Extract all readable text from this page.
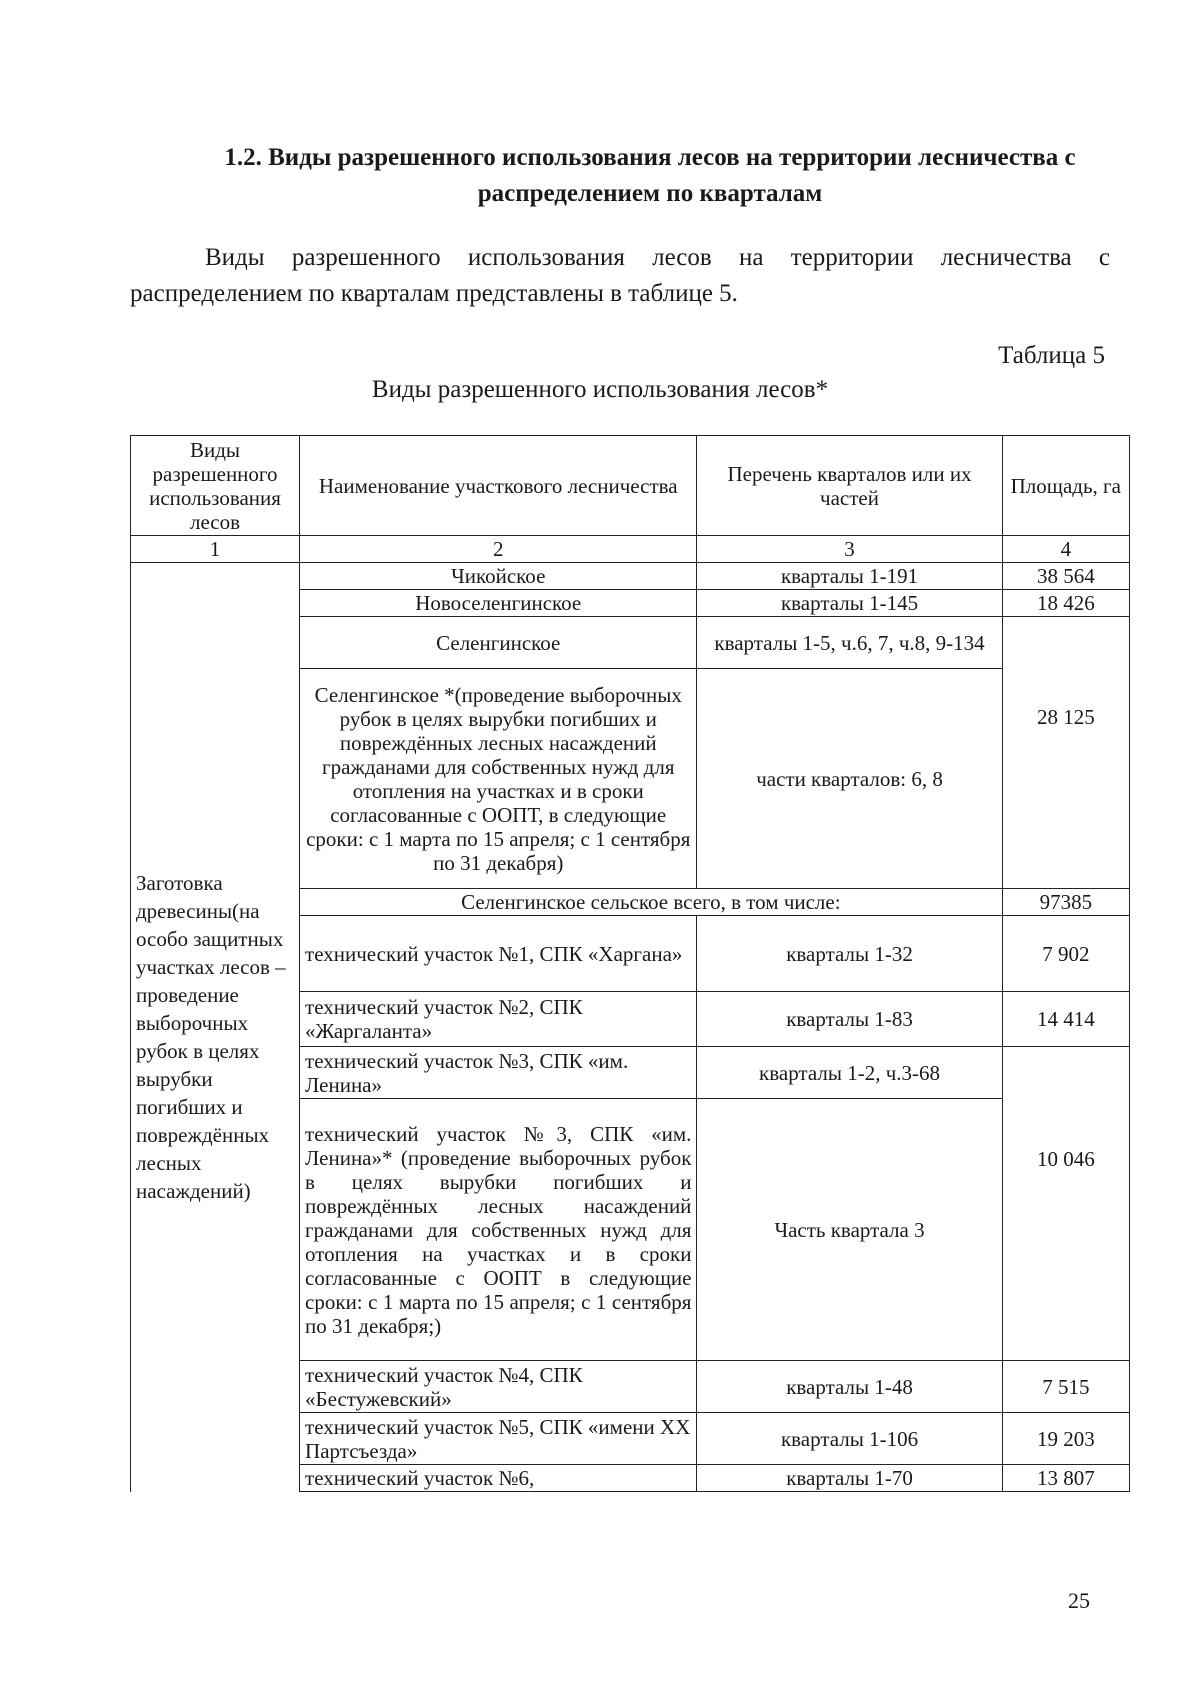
1.2. Виды разрешенного использования лесов на территории лесничества с распределением по кварталам

Виды разрешенного использования лесов на территории лесничества с распределением по кварталам представлены в таблице 5.

Таблица 5

Виды разрешенного использования лесов*

Виды разрешенного использования лесов	Наименование участкового лесничества	Перечень кварталов или их частей	Площадь, га
1	2	3	4
Заготовка древесины(на особо защитных участках лесов – проведение выборочных рубок в целях вырубки погибших и повреждённых лесных насаждений)	Чикойское	кварталы 1-191	38 564
	Новоселенгинское	кварталы 1-145	18 426
	Селенгинское	кварталы 1-5, ч.6, 7, ч.8, 9-134	28 125
	Селенгинское *(проведение выборочных рубок в целях вырубки погибших и повреждённых лесных насаждений гражданами для собственных нужд для отопления на участках и в сроки согласованные с ООПТ, в следующие сроки: с 1 марта по 15 апреля; с 1 сентября по 31 декабря)	части кварталов: 6, 8	
	Селенгинское сельское всего, в том числе:		97385
	технический участок №1, СПК «Харгана»	кварталы 1-32	7 902
	технический участок №2, СПК «Жаргаланта»	кварталы 1-83	14 414
	технический участок №3, СПК «им. Ленина»	кварталы 1-2, ч.3-68	10 046
	технический участок №3, СПК «им. Ленина»* (проведение выборочных рубок в целях вырубки погибших и повреждённых лесных насаждений гражданами для собственных нужд для отопления на участках и в сроки согласованные с ООПТ в следующие сроки: с 1 марта по 15 апреля; с 1 сентября по 31 декабря;)	Часть квартала 3	
	технический участок №4, СПК «Бестужевский»	кварталы 1-48	7 515
	технический участок №5, СПК «имени XX Партсъезда»	кварталы 1-106	19 203
	технический участок №6,	кварталы 1-70	13 807

25
